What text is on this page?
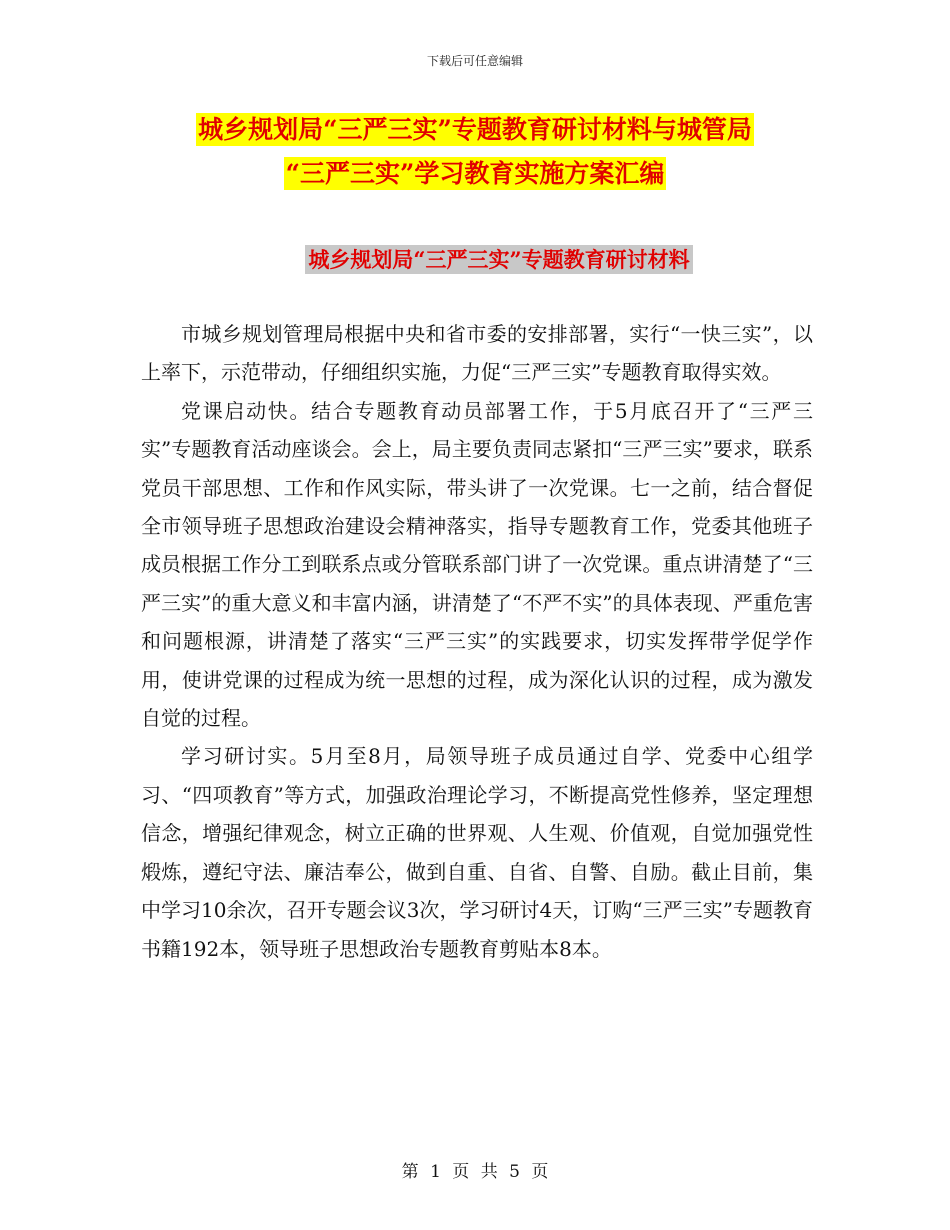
下载后可任意编辑
城乡规划局“三严三实”专题教育研讨材料与城管局
“三严三实”学习教育实施方案汇编
城乡规划局“三严三实”专题教育研讨材料

市城乡规划管理局根据中央和省市委的安排部署，实行“一快三实”，以上率下，示范带动，仔细组织实施，力促“三严三实”专题教育取得实效。

党课启动快。结合专题教育动员部署工作，于5月底召开了“三严三实”专题教育活动座谈会。会上，局主要负责同志紧扣“三严三实”要求，联系党员干部思想、工作和作风实际，带头讲了一次党课。七一之前，结合督促全市领导班子思想政治建设会精神落实，指导专题教育工作，党委其他班子成员根据工作分工到联系点或分管联系部门讲了一次党课。重点讲清楚了“三严三实”的重大意义和丰富内涵，讲清楚了“不严不实”的具体表现、严重危害和问题根源，讲清楚了落实“三严三实”的实践要求，切实发挥带学促学作用，使讲党课的过程成为统一思想的过程，成为深化认识的过程，成为激发自觉的过程。

学习研讨实。5月至8月，局领导班子成员通过自学、党委中心组学习、“四项教育”等方式，加强政治理论学习，不断提高党性修养，坚定理想信念，增强纪律观念，树立正确的世界观、人生观、价值观，自觉加强党性煅炼，遵纪守法、廉洁奉公，做到自重、自省、自警、自励。截止目前，集中学习10余次，召开专题会议3次，学习研讨4天，订购“三严三实”专题教育书籍192本，领导班子思想政治专题教育剪贴本8本。

第 1 页 共 5 页
